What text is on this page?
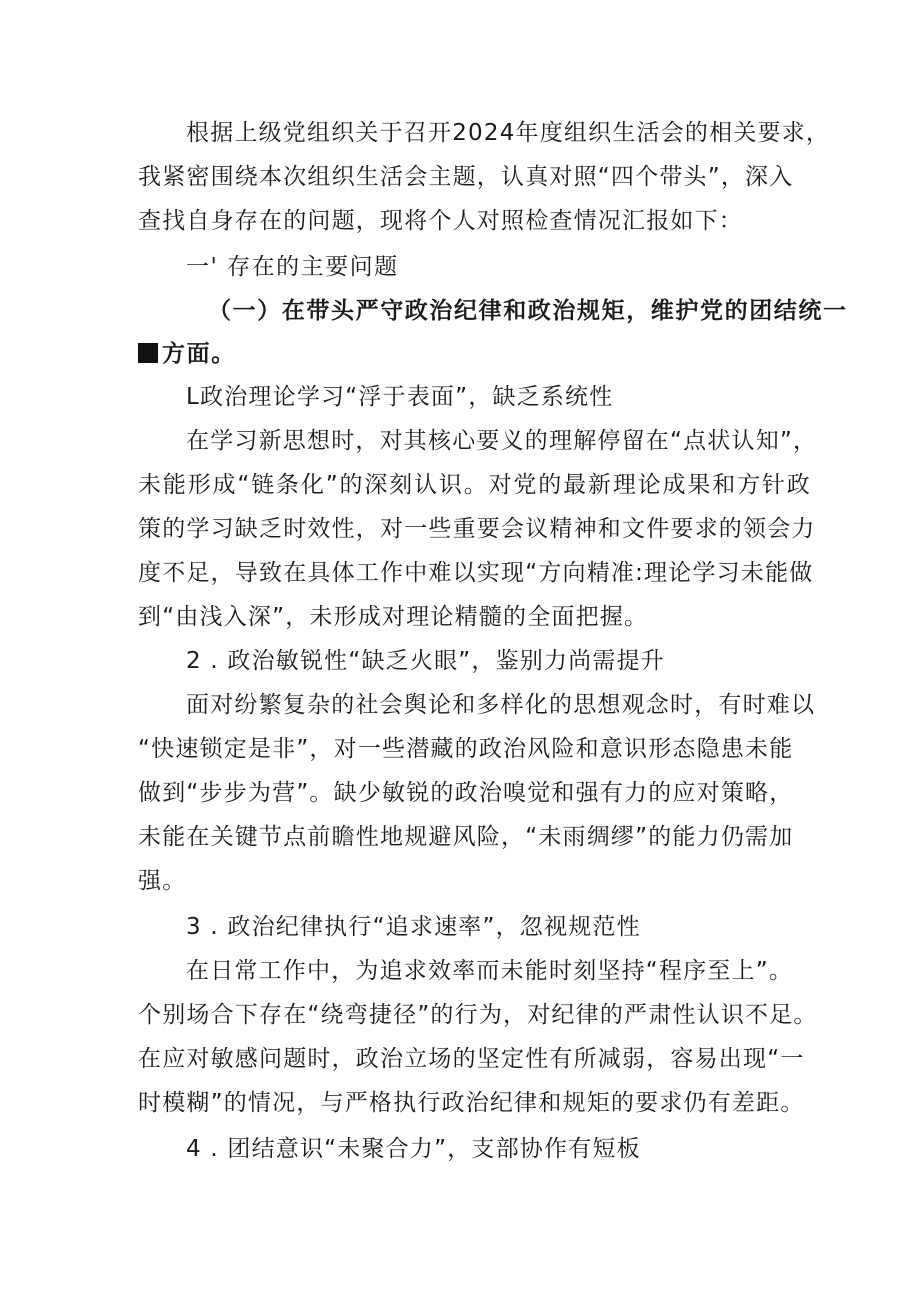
根据上级党组织关于召开2024年度组织生活会的相关要求，
我紧密围绕本次组织生活会主题，认真对照“四个带头”，深入
查找自身存在的问题，现将个人对照检查情况汇报如下：
一' 存在的主要问题
（一）在带头严守政治纪律和政治规矩，维护党的团结统一
方面。
L政治理论学习“浮于表面”，缺乏系统性
在学习新思想时，对其核心要义的理解停留在“点状认知”，
未能形成“链条化”的深刻认识。对党的最新理论成果和方针政
策的学习缺乏时效性，对一些重要会议精神和文件要求的领会力
度不足，导致在具体工作中难以实现“方向精准:理论学习未能做
到“由浅入深”，未形成对理论精髓的全面把握。
2 . 政治敏锐性“缺乏火眼”，鉴别力尚需提升
面对纷繁复杂的社会舆论和多样化的思想观念时，有时难以
“快速锁定是非”，对一些潜藏的政治风险和意识形态隐患未能
做到“步步为营”。缺少敏锐的政治嗅觉和强有力的应对策略，
未能在关键节点前瞻性地规避风险，“未雨绸缪”的能力仍需加
强。
3 . 政治纪律执行“追求速率”，忽视规范性
在日常工作中，为追求效率而未能时刻坚持“程序至上”。
个别场合下存在“绕弯捷径”的行为，对纪律的严肃性认识不足。
在应对敏感问题时，政治立场的坚定性有所减弱，容易出现“一
时模糊”的情况，与严格执行政治纪律和规矩的要求仍有差距。
4 . 团结意识“未聚合力”，支部协作有短板
